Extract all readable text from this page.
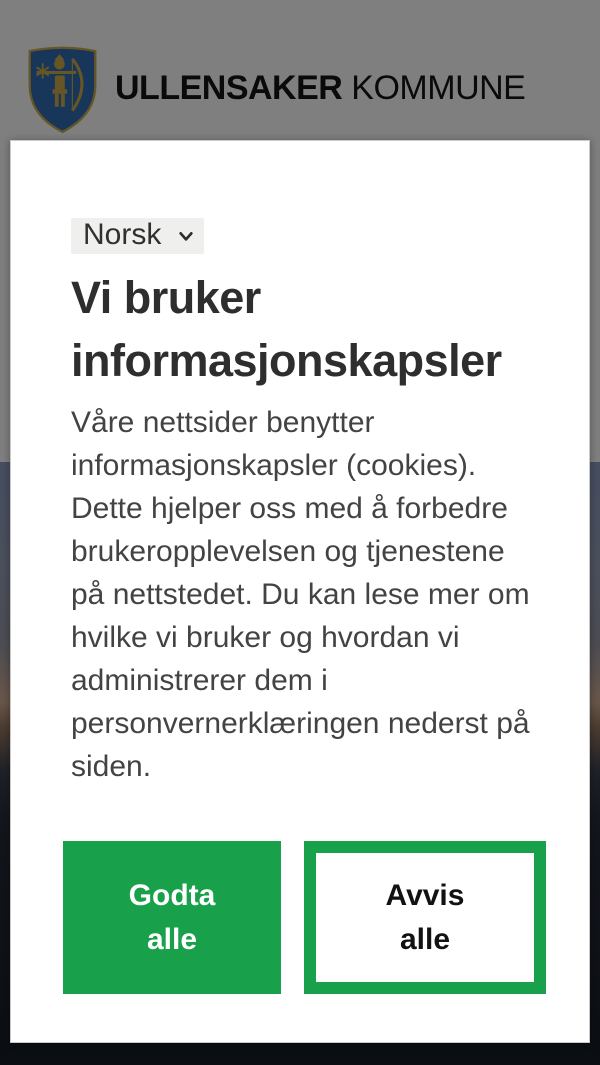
Norsk
Vi bruker informasjonskapsler
Våre nettsider benytter
informasjonskapsler (cookies).
Dette hjelper oss med å forbedre
brukeropplevelsen og tjenestene
på nettstedet. Du kan lese mer om
hvilke vi bruker og hvordan vi
administrerer dem i
personvernerklæringen nederst på
siden.
Godta
alle
Avvis
alle
